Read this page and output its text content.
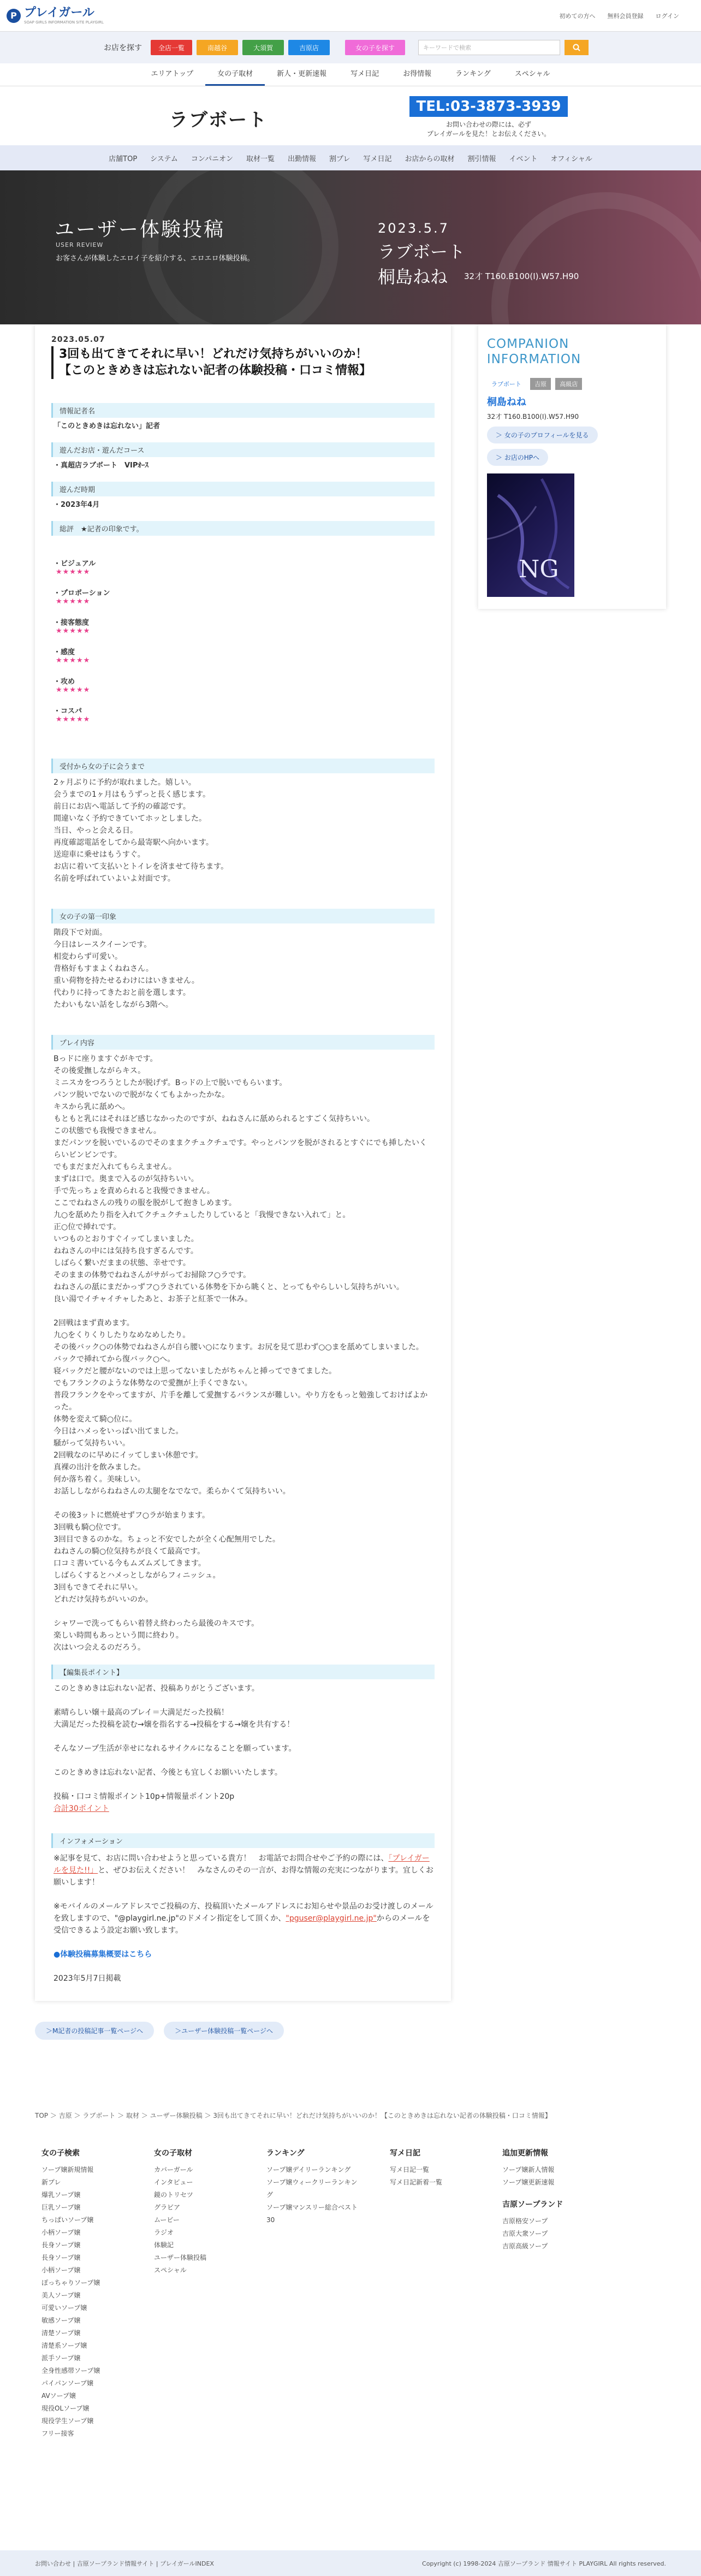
P プレイガール
SOAP GIRLS INFORMATION SITE PLAYGIRL
初めての方へ 無料会員登録 ログイン
お店を探す	全店一覧	南越谷	大須賀	吉原店	女の子を探す	キーワードで検索
エリアトップ	女の子取材	新人・更新速報	写メ日記	お得情報	ランキング	スペシャル
ラブボート
TEL:03-3873-3939
お問い合わせの際には、必ず
プレイガールを見た！とお伝えください。
店舗TOP	システム	コンパニオン	取材一覧	出勤情報	割プレ	写メ日記	お店からの取材	割引情報	イベント	オフィシャル
ユーザー体験投稿
USER REVIEW
お客さんが体験したエロイ子を紹介する、エロエロ体験投稿。
2023.5.7
ラブボート
桐島ねね 32才 T160.B100(I).W57.H90
2023.05.07
3回も出てきてそれに早い！どれだけ気持ちがいいのか！
【このときめきは忘れない記者の体験投稿・口コミ情報】
情報記者名
「このときめきは忘れない」記者
遊んだお店・遊んだコース
・真超店ラブボート　VIPｵｰｽ
遊んだ時期
・2023年4月
総評　★記者の印象です。
・ビジュアル
★★★★★
・プロポーション
★★★★★
・接客態度
★★★★★
・感度
★★★★★
・攻め
★★★★★
・コスパ
★★★★★
受付から女の子に会うまで
2ヶ月ぶりに予約が取れました。嬉しい。
会うまでの1ヶ月はもうずっと長く感じます。
前日にお店へ電話して予約の確認です。
間違いなく予約できていてホッとしました。
当日、やっと会える日。
再度確認電話をしてから最寄駅へ向かいます。
送迎車に乗せはもうすぐ。
お店に着いて支払いとトイレを済ませて待ちます。
名前を呼ばれていよいよ対面です。
女の子の第一印象
階段下で対面。
今日はレースクイーンです。
相変わらず可愛い。
背格好もすまよくねねさん。
重い荷物を持たせるわけにはいきません。
代わりに持ってきたおと前を選します。
たわいもない話をしながら3階へ。
プレイ内容
Bっドに座りますぐがキです。
その後愛撫しながらキス。
ミニスカをつろうとしたが脱げず。Bっドの上で脱いでもらいます。
パンツ脱いでないので脱がなくてもよかったかな。
キスから乳に舐めへ。
もともと乳にはそれほど感じなかったのですが、ねねさんに舐められるとすごく気持ちいい。
この状態でも我慢できません。
まだパンツを脱いでいるのでそのままクチュクチュです。やっとパンツを脱がされるとすぐにでも挿したいくらいビンビンです。
でもまだまだ入れてもらえません。
まずは口で。奥まで入るのが気持ちいい。
手で先っちょを責められると我慢できません。
ここでねねさんの残りの服を脱がして抱きしめます。
九○を舐めたり指を入れてクチュクチュしたりしていると「我慢できない入れて」と。
正○位で挿れです。
いつものとおりすぐイッてしまいました。
ねねさんの中には気持ち良すぎるんです。
しばらく繋いだままの状態、幸せです。
そのままの体勢でねねさんがサがってお掃除フ○ラです。
ねねさんの舐にまだかっずフ○ラされている体勢を下から眺くと、とってもやらしいし気持ちがいい。
良い湯でイチャイチャしたあと、お茶子と紅茶で一休み。

2回戦はまず責めます。
九○をくりくりしたりなめなめしたり。
その後バック○の体勢でねねさんが自ら腰い○になります。お尻を見て思わず○○まを舐めてしまいました。
バックで挿れてから復バック○へ。
寝バックだと腰がないのでは上思ってないましたがちゃんと挿ってできてました。
でもフランクのような体勢なので愛撫が上手くできない。
普段フランクをやってますが、片手を離して愛撫するバランスが難しい。やり方をもっと勉強しておけばよかった。
体勢を変えて騎○位に。
今日はハメっをいっぱい出てました。
騒がって気持ちいい。
2回戦なのに早めにイッてしまい休憩です。
真裸の出汁を飲みました。
何か落ち着く。美味しい。
お話ししながらねねさんの太腿をなでなで。柔らかくて気持ちいい。

その後3ットに燃焼せずフ○ラが始まります。
3回戦も騎○位です。
3回目できるのかな。ちょっと不安でしたが全く心配無用でした。
ねねさんの騎○位気持ちが良くて最高です。
口コミ書いている今もムズムズしてきます。
しばらくするとハメっとしながらフィニッシュ。
3回もできてそれに早い。
どれだけ気持ちがいいのか。

シャワーで洗ってもらい着替え終わったら最後のキスです。
楽しい時間もあっという間に終わり。
次はいつ会えるのだろう。
【編集長ポイント】
このときめきは忘れない記者、投稿ありがとうございます。
素晴らしい嬢＋最高のプレイ＝大満足だった投稿！
大満足だった投稿を読む→嬢を指名する→投稿をする→嬢を共有する！
そんなソープ生活が幸せになれるサイクルになることを願っています。
このときめきは忘れない記者、今後とも宜しくお願いいたします。
投稿・口コミ情報ポイント10p+情報量ポイント20p
合計30ポイント
インフォメーション
※記事を見て、お店に問い合わせようと思っている貴方！　お電話でお問合せやご予約の際には、「プレイガールを見た!!」と、ぜひお伝えください！　みなさんのその一言が、お得な情報の充実につながります。宜しくお願いします！
※モバイルのメールアドレスでご投稿の方、投稿頂いたメールアドレスにお知らせや景品のお受け渡しのメールを致しますので、"@playgirl.ne.jp"のドメイン指定をして頂くか、"pguser@playgirl.ne.jp"からのメールを受信できるよう設定お願い致します。
●体験投稿募集概要はこちら
2023年5月7日掲載
COMPANION
INFORMATION
ラブボート 吉原 高級店
桐島ねね
32才 T160.B100(I).W57.H90
＞ 女の子のプロフィールを見る
＞ お店のHPへ
NG
＞M記者の投稿記事一覧ページへ	＞ユーザー体験投稿一覧ページへ
TOP ＞ 吉原 ＞ ラブボート ＞ 取材 ＞ ユーザー体験投稿 ＞ 3回も出てきてそれに早い！どれだけ気持ちがいいのか！【このときめきは忘れない記者の体験投稿・口コミ情報】
女の子検索
ソープ嬢新規情報
新プレ
爆乳ソープ嬢
巨乳ソープ嬢
ちっぱいソープ嬢
小柄ソープ嬢
長身ソープ嬢
長身ソープ嬢
小柄ソープ嬢
ぽっちゃりソープ嬢
美人ソープ嬢
可愛いソープ嬢
敏感ソープ嬢
清楚ソープ嬢
清楚系ソープ嬢
派手ソープ嬢
全身性感帯ソープ嬢
パイパンソープ嬢
AVソープ嬢
現役OLソープ嬢
現役学生ソープ嬢
フリー接客
女の子取材
カバーガール
インタビュー
鏡のトリセツ
グラビア
ムービー
ラジオ
体験記
ユーザー体験投稿
スペシャル
ランキング
ソープ嬢デイリーランキング
ソープ嬢ウィークリーランキング
ソープ嬢マンスリー総合ベスト30
写メ日記
写メ日記一覧
写メ日記新着一覧
追加更新情報
ソープ嬢新人情報
ソープ嬢更新速報
吉原ソープランド
吉原格安ソープ
吉原大衆ソープ
吉原高級ソープ
お問い合わせ | 吉原ソープランド情報サイト | プレイガールINDEX	Copyright (c) 1998-2024 吉原ソープランド 情報サイト PLAYGIRL All rights reserved.
